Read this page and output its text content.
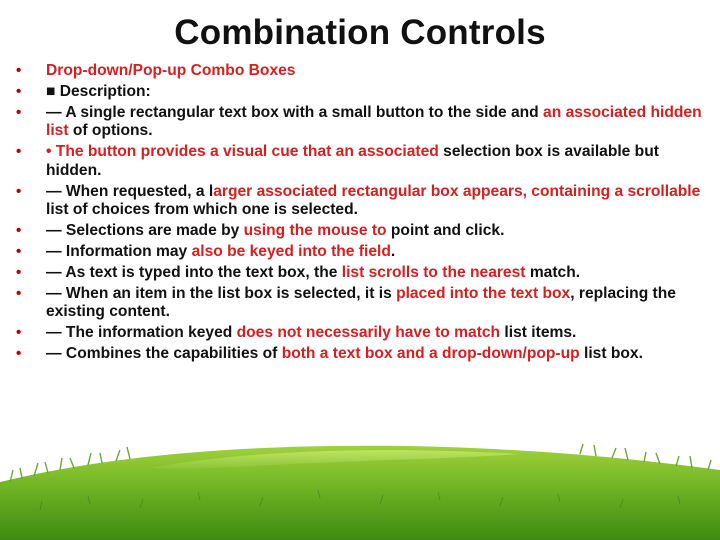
Combination Controls
• Drop-down/Pop-up Combo Boxes
• ■ Description:
• — A single rectangular text box with a small button to the side and an associated hidden list of options.
• • The button provides a visual cue that an associated selection box is available but hidden.
• — When requested, a larger associated rectangular box appears, containing a scrollable list of choices from which one is selected.
• — Selections are made by using the mouse to point and click.
• — Information may also be keyed into the field.
• — As text is typed into the text box, the list scrolls to the nearest match.
• — When an item in the list box is selected, it is placed into the text box, replacing the existing content.
• — The information keyed does not necessarily have to match list items.
• — Combines the capabilities of both a text box and a drop-down/pop-up list box.
